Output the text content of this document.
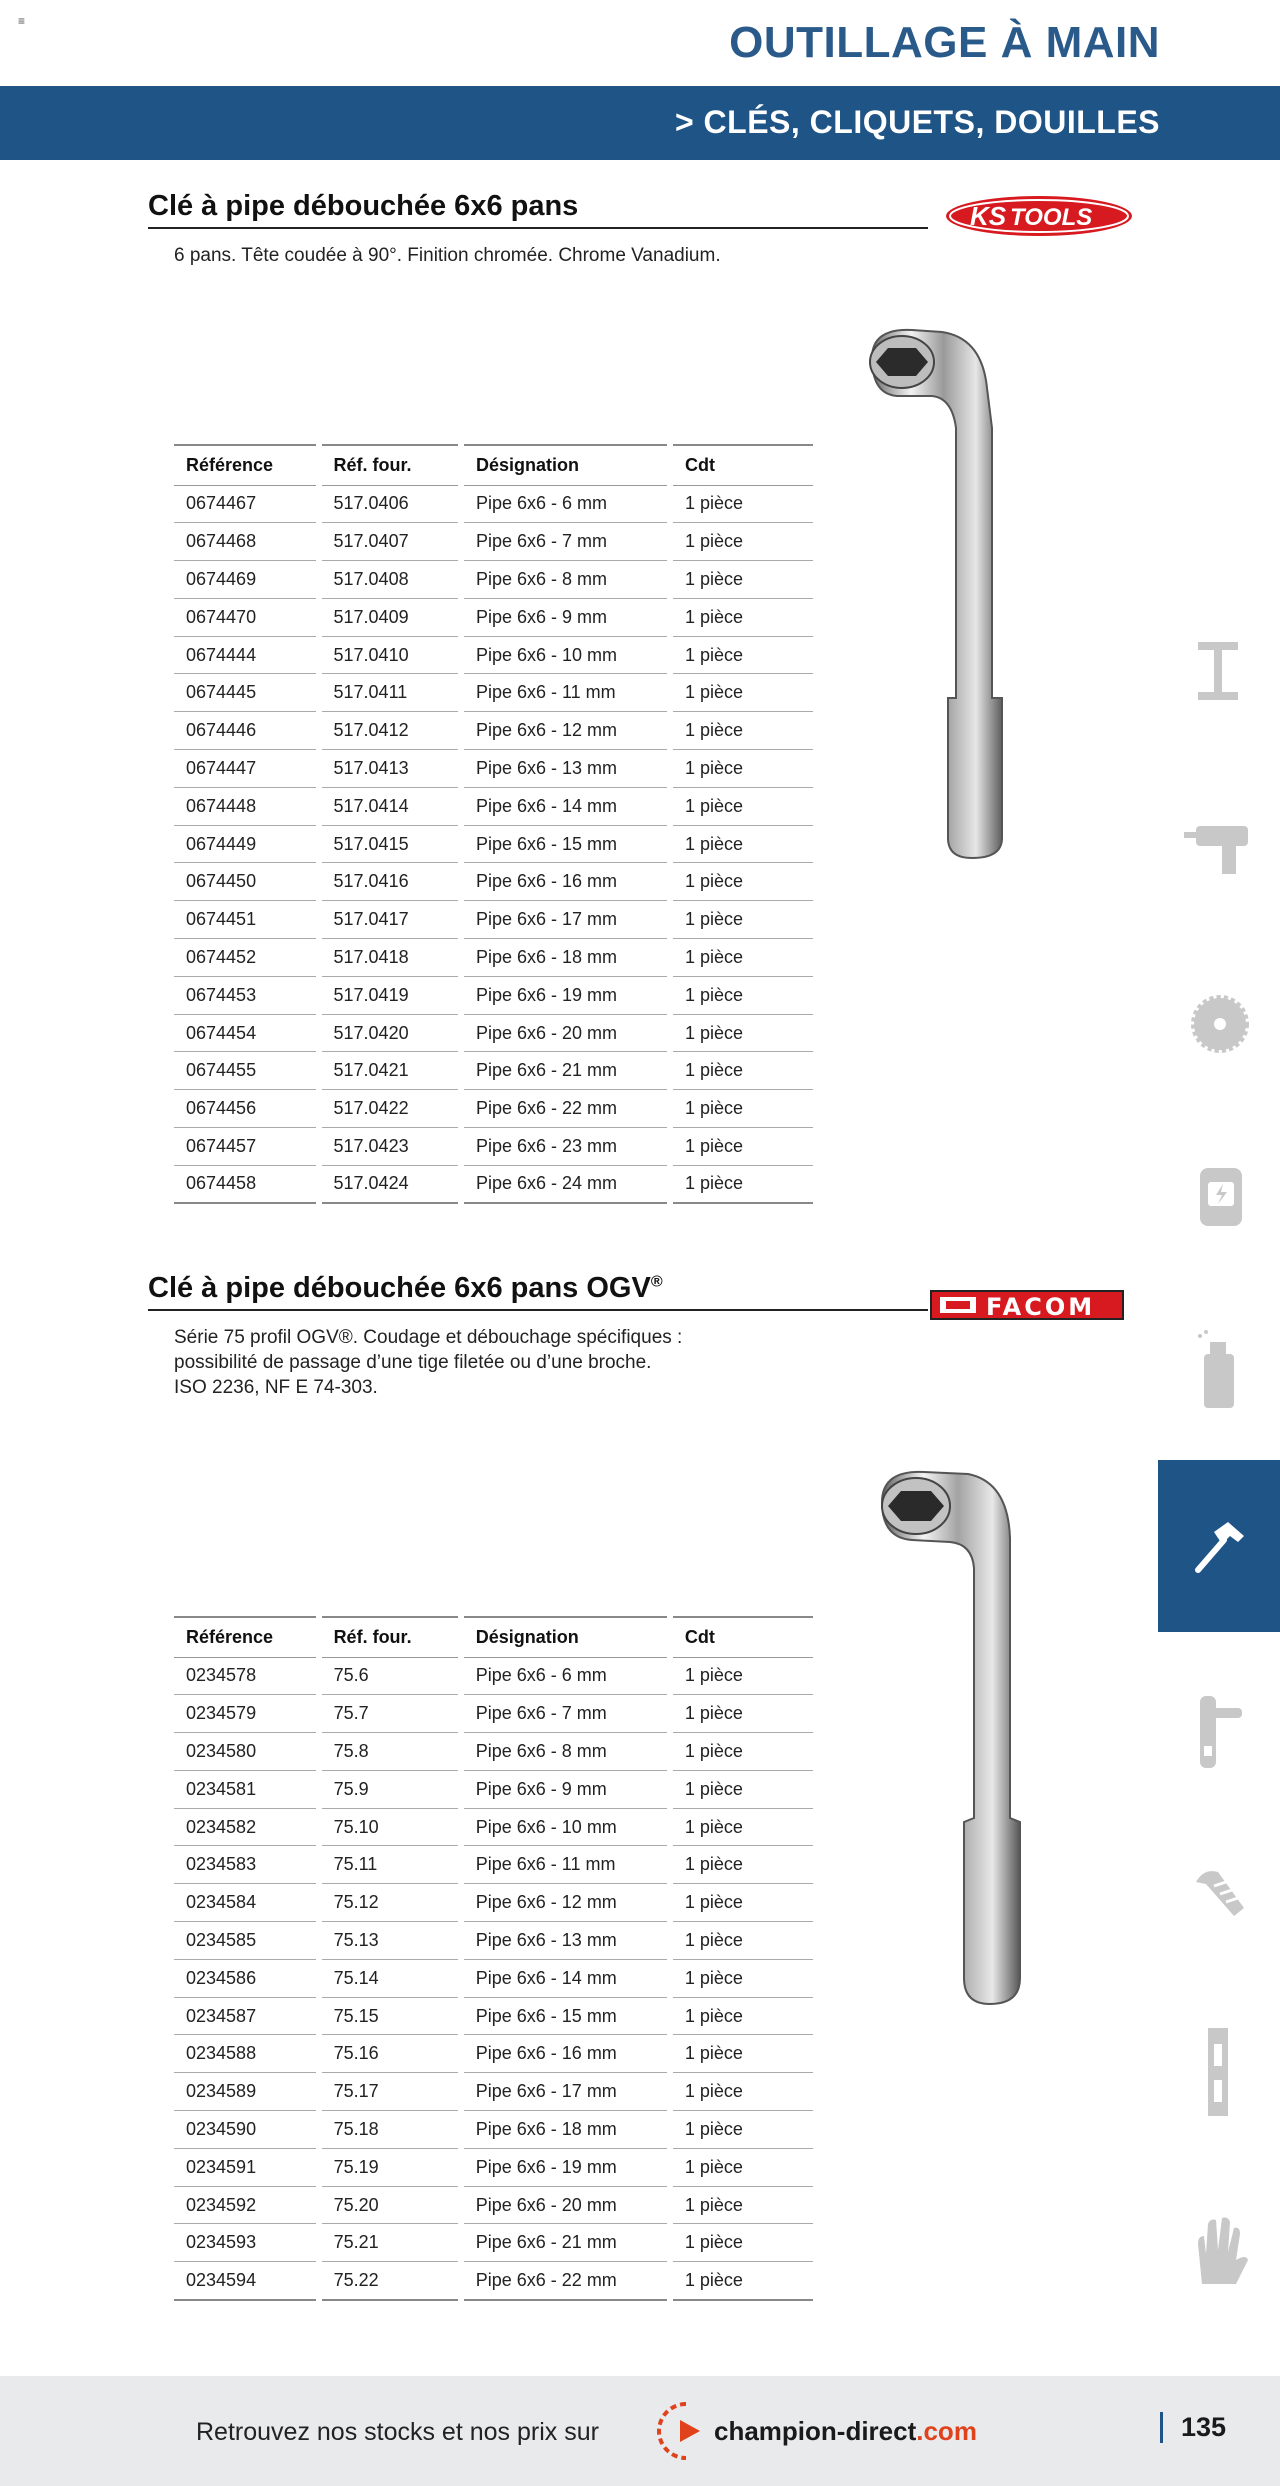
≡	OUTILLAGE À MAIN
> CLÉS, CLIQUETS, DOUILLES
Clé à pipe débouchée 6x6 pans
6 pans. Tête coudée à 90°. Finition chromée. Chrome Vanadium.
KS TOOLS
Référence	Réf. four.	Désignation	Cdt
0674467	517.0406	Pipe 6x6 - 6 mm	1 pièce
0674468	517.0407	Pipe 6x6 - 7 mm	1 pièce
0674469	517.0408	Pipe 6x6 - 8 mm	1 pièce
0674470	517.0409	Pipe 6x6 - 9 mm	1 pièce
0674444	517.0410	Pipe 6x6 - 10 mm	1 pièce
0674445	517.0411	Pipe 6x6 - 11 mm	1 pièce
0674446	517.0412	Pipe 6x6 - 12 mm	1 pièce
0674447	517.0413	Pipe 6x6 - 13 mm	1 pièce
0674448	517.0414	Pipe 6x6 - 14 mm	1 pièce
0674449	517.0415	Pipe 6x6 - 15 mm	1 pièce
0674450	517.0416	Pipe 6x6 - 16 mm	1 pièce
0674451	517.0417	Pipe 6x6 - 17 mm	1 pièce
0674452	517.0418	Pipe 6x6 - 18 mm	1 pièce
0674453	517.0419	Pipe 6x6 - 19 mm	1 pièce
0674454	517.0420	Pipe 6x6 - 20 mm	1 pièce
0674455	517.0421	Pipe 6x6 - 21 mm	1 pièce
0674456	517.0422	Pipe 6x6 - 22 mm	1 pièce
0674457	517.0423	Pipe 6x6 - 23 mm	1 pièce
0674458	517.0424	Pipe 6x6 - 24 mm	1 pièce
Clé à pipe débouchée 6x6 pans OGV®
Série 75 profil OGV®. Coudage et débouchage spécifiques :
possibilité de passage d’une tige filetée ou d’une broche.
ISO 2236, NF E 74-303.
FACOM
Référence	Réf. four.	Désignation	Cdt
0234578	75.6	Pipe 6x6 - 6 mm	1 pièce
0234579	75.7	Pipe 6x6 - 7 mm	1 pièce
0234580	75.8	Pipe 6x6 - 8 mm	1 pièce
0234581	75.9	Pipe 6x6 - 9 mm	1 pièce
0234582	75.10	Pipe 6x6 - 10 mm	1 pièce
0234583	75.11	Pipe 6x6 - 11 mm	1 pièce
0234584	75.12	Pipe 6x6 - 12 mm	1 pièce
0234585	75.13	Pipe 6x6 - 13 mm	1 pièce
0234586	75.14	Pipe 6x6 - 14 mm	1 pièce
0234587	75.15	Pipe 6x6 - 15 mm	1 pièce
0234588	75.16	Pipe 6x6 - 16 mm	1 pièce
0234589	75.17	Pipe 6x6 - 17 mm	1 pièce
0234590	75.18	Pipe 6x6 - 18 mm	1 pièce
0234591	75.19	Pipe 6x6 - 19 mm	1 pièce
0234592	75.20	Pipe 6x6 - 20 mm	1 pièce
0234593	75.21	Pipe 6x6 - 21 mm	1 pièce
0234594	75.22	Pipe 6x6 - 22 mm	1 pièce
Retrouvez nos stocks et nos prix sur	champion-direct.com	135
